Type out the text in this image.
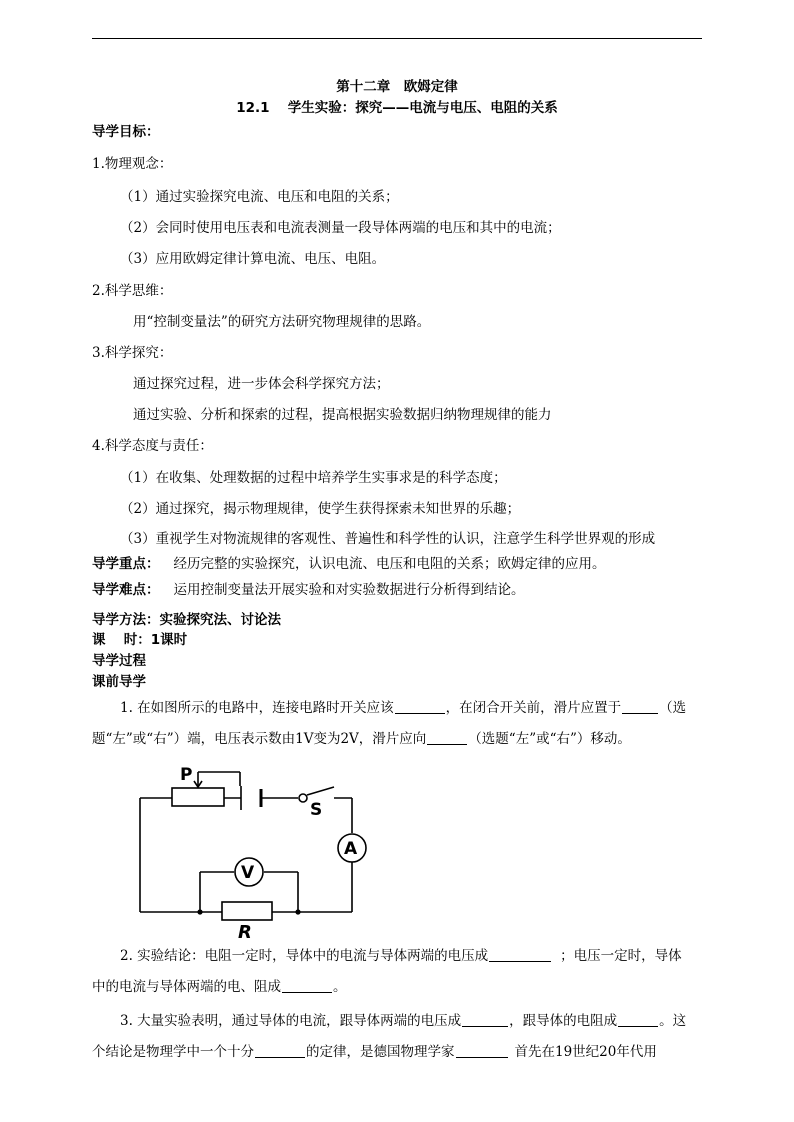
第十二章　欧姆定律
12.1　 学生实验：探究——电流与电压、电阻的关系
导学目标：
1.物理观念：
（1）通过实验探究电流、电压和电阻的关系；
（2）会同时使用电压表和电流表测量一段导体两端的电压和其中的电流；
（3）应用欧姆定律计算电流、电压、电阻。
2.科学思维：
用“控制变量法”的研究方法研究物理规律的思路。
3.科学探究：
通过探究过程，进一步体会科学探究方法；
通过实验、分析和探索的过程，提高根据实验数据归纳物理规律的能力
4.科学态度与责任：
（1）在收集、处理数据的过程中培养学生实事求是的科学态度；
（2）通过探究，揭示物理规律，使学生获得探索未知世界的乐趣；
（3）重视学生对物流规律的客观性、普遍性和科学性的认识，注意学生科学世界观的形成
导学重点： 经历完整的实验探究，认识电流、电压和电阻的关系；欧姆定律的应用。
导学难点： 运用控制变量法开展实验和对实验数据进行分析得到结论。
导学方法：实验探究法、讨论法
课　 时：1课时
导学过程
课前导学
1. 在如图所示的电路中，连接电路时开关应该	，在闭合开关前，滑片应置于	（选
题“左”或“右”）端，电压表示数由1V变为2V，滑片应向	（选题“左”或“右”）移动。
P
S
A
V
R
2. 实验结论：电阻一定时，导体中的电流与导体两端的电压成	；电压一定时，导体
中的电流与导体两端的电、阻成	。
3. 大量实验表明，通过导体的电流，跟导体两端的电压成	，跟导体的电阻成	。这
个结论是物理学中一个十分	的定律，是德国物理学家	首先在19世纪20年代用
